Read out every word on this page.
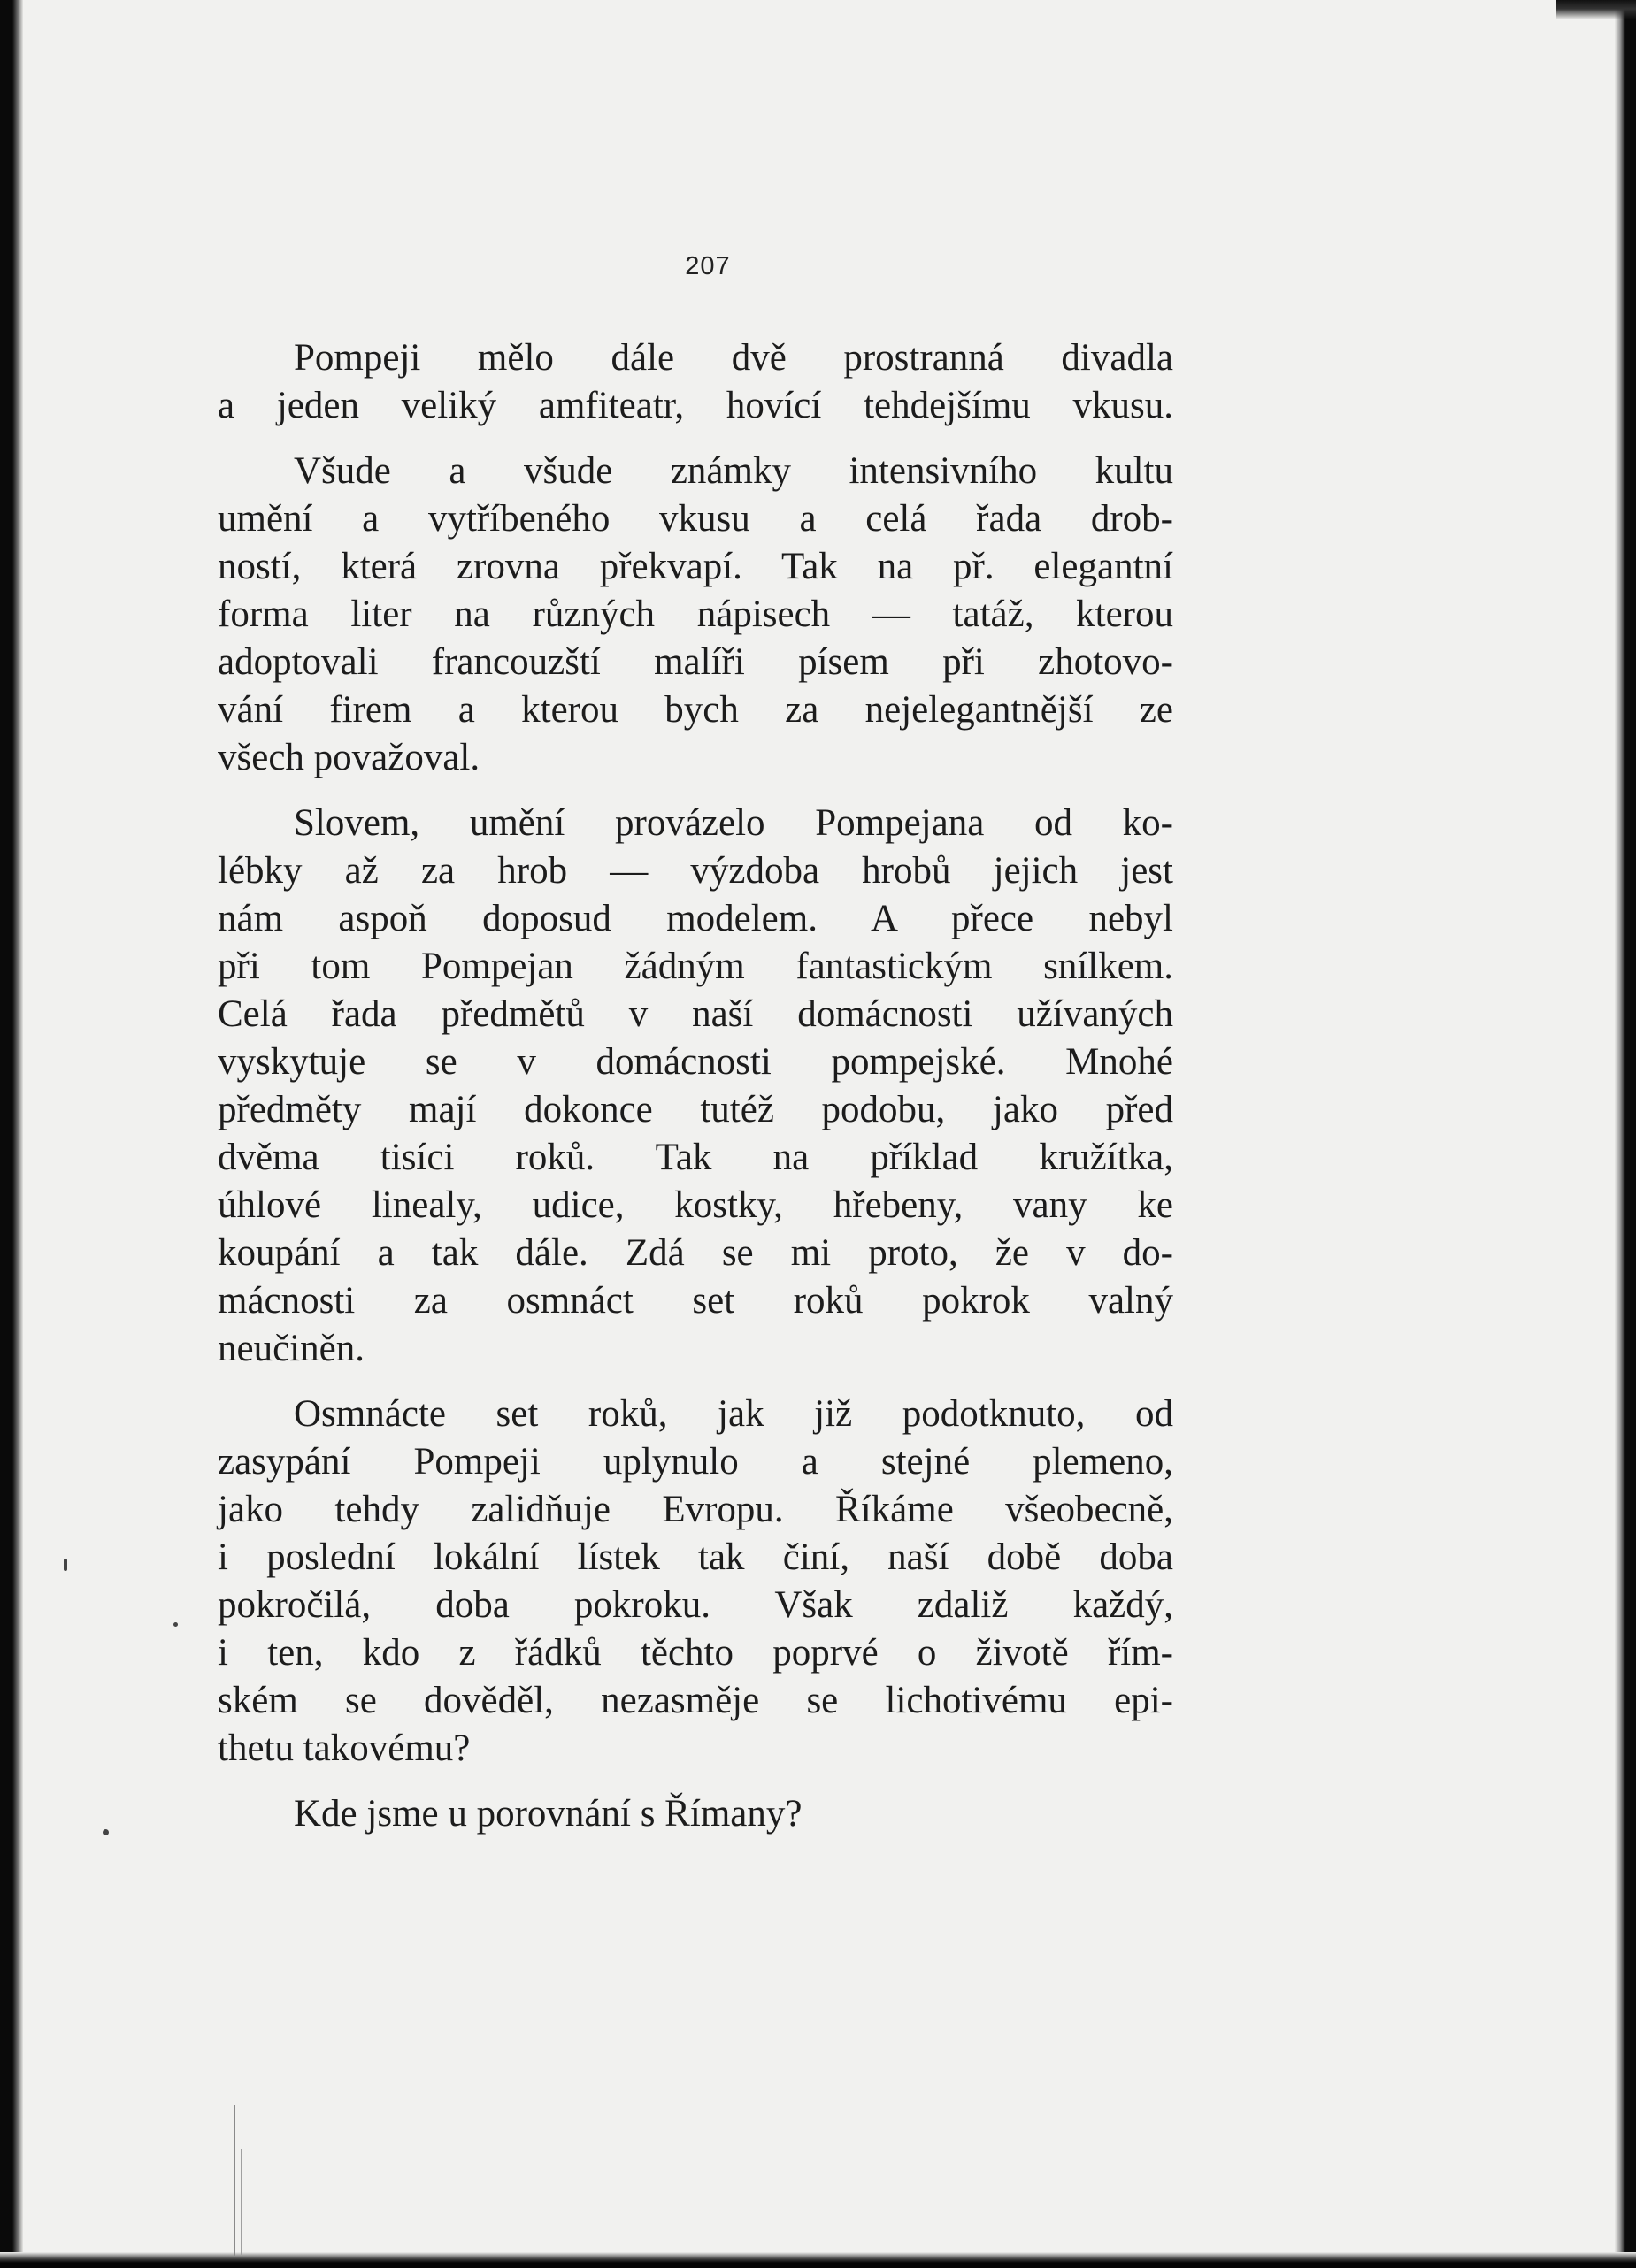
207

Pompeji mělo dále dvě prostranná divadla
a jeden veliký amfiteatr, hovící tehdejšímu vkusu.

Všude a všude známky intensivního kultu
umění a vytříbeného vkusu a celá řada drob-
ností, která zrovna překvapí. Tak na př. elegantní
forma liter na různých nápisech — tatáž, kterou
adoptovali francouzští malíři písem při zhotovo-
vání firem a kterou bych za nejelegantnější ze
všech považoval.

Slovem, umění provázelo Pompejana od ko-
lébky až za hrob — výzdoba hrobů jejich jest
nám aspoň doposud modelem. A přece nebyl
při tom Pompejan žádným fantastickým snílkem.
Celá řada předmětů v naší domácnosti užívaných
vyskytuje se v domácnosti pompejské. Mnohé
předměty mají dokonce tutéž podobu, jako před
dvěma tisíci roků. Tak na příklad kružítka,
úhlové linealy, udice, kostky, hřebeny, vany ke
koupání a tak dále. Zdá se mi proto, že v do-
mácnosti za osmnáct set roků pokrok valný
neučiněn.

Osmnácte set roků, jak již podotknuto, od
zasypání Pompeji uplynulo a stejné plemeno,
jako tehdy zalidňuje Evropu. Říkáme všeobecně,
i poslední lokální lístek tak činí, naší době doba
pokročilá, doba pokroku. Však zdaliž každý,
i ten, kdo z řádků těchto poprvé o životě řím-
ském se dověděl, nezasměje se lichotivému epi-
thetu takovému?

Kde jsme u porovnání s Římany?
